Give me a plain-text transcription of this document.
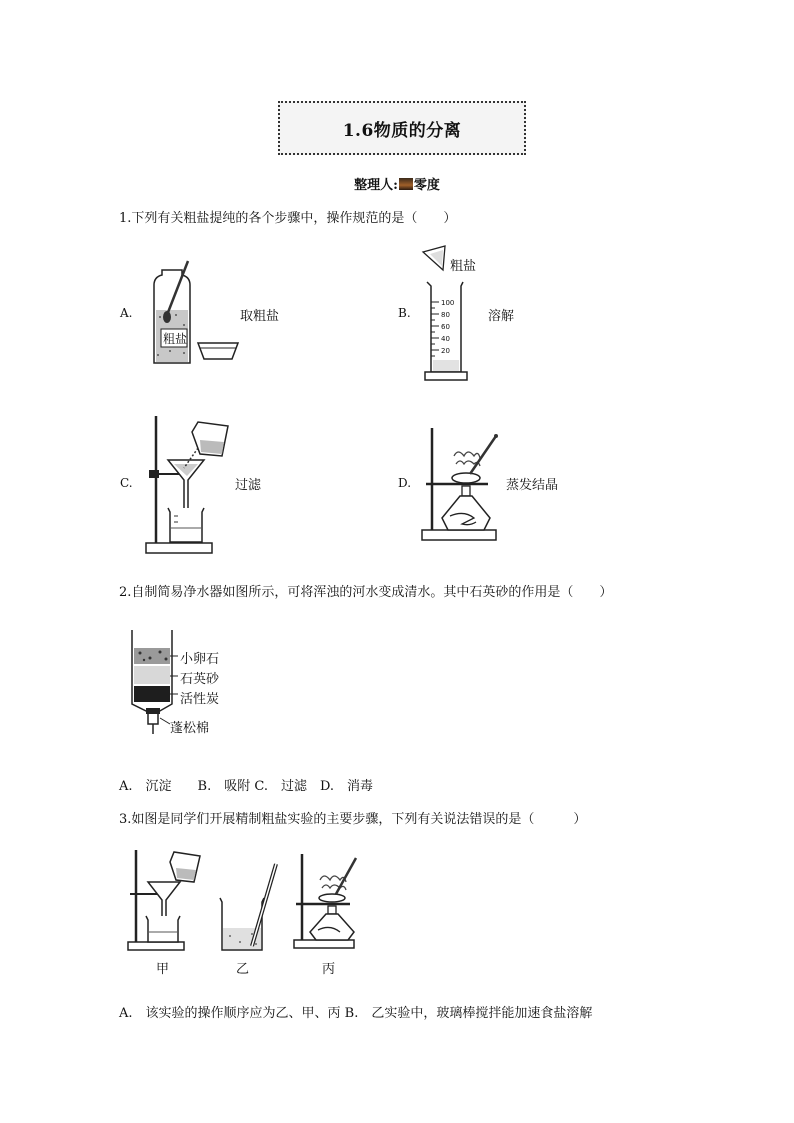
1.6物质的分离
整理人: 零度
1.下列有关粗盐提纯的各个步骤中，操作规范的是（　　）
A.	取粗盐
粗盐
B.	溶解
粗盐
100
80
60
40
20
C.	过滤	D.	蒸发结晶
2.自制简易净水器如图所示，可将浑浊的河水变成清水。其中石英砂的作用是（　　）
小卵石
石英砂
活性炭
蓬松棉
A.　沉淀　　B.　吸附 C.　过滤　D.　消毒
3.如图是同学们开展精制粗盐实验的主要步骤，下列有关说法错误的是（　　　）
甲	乙	丙
A.　该实验的操作顺序应为乙、甲、丙 B.　乙实验中，玻璃棒搅拌能加速食盐溶解
